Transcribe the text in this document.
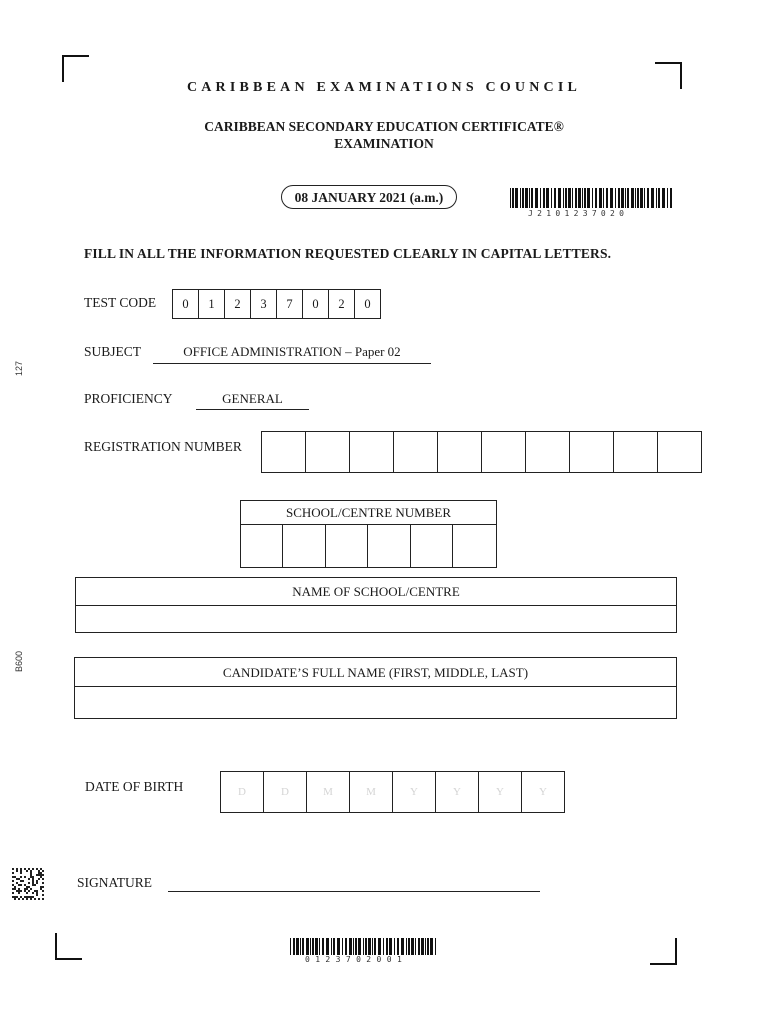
127
B600
CARIBBEAN EXAMINATIONS COUNCIL
CARIBBEAN SECONDARY EDUCATION CERTIFICATE®
EXAMINATION
08 JANUARY 2021 (a.m.)
J2101237020
FILL IN ALL THE INFORMATION REQUESTED CLEARLY IN CAPITAL LETTERS.
TEST CODE	0	1	2	3	7	0	2	0
SUBJECT	OFFICE ADMINISTRATION – Paper 02
PROFICIENCY	GENERAL
REGISTRATION NUMBER
SCHOOL/CENTRE NUMBER
NAME OF SCHOOL/CENTRE
CANDIDATE’S FULL NAME (FIRST, MIDDLE, LAST)
DATE OF BIRTH	D	D	M	M	Y	Y	Y	Y
SIGNATURE
0123702001
